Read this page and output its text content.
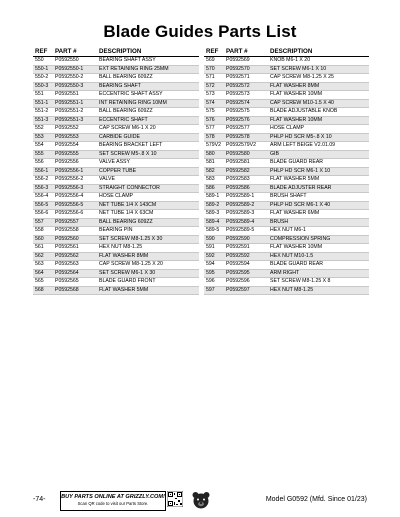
Blade Guides Parts List
REF	PART #	DESCRIPTION
550	P0592550	BEARING SHAFT ASSY
550-1	P0592550-1	EXT RETAINING RING 25MM
550-2	P0592550-2	BALL BEARING 609ZZ
550-3	P0592550-3	BEARING SHAFT
551	P0592551	ECCENTRIC SHAFT ASSY
551-1	P0592551-1	INT RETAINING RING 10MM
551-2	P0592551-2	BALL BEARING 609ZZ
551-3	P0592551-3	ECCENTRIC SHAFT
552	P0592552	CAP SCREW M6-1 X 20
553	P0592553	CARBIDE GUIDE
554	P0592554	BEARING BRACKET LEFT
555	P0592555	SET SCREW M5-.8 X 10
556	P0592556	VALVE ASSY
556-1	P0592556-1	COPPER TUBE
556-2	P0592556-2	VALVE
556-3	P0592556-3	STRAIGHT CONNECTOR
556-4	P0592556-4	HOSE CLAMP
556-5	P0592556-5	NET TUBE 1/4 X 143CM
556-6	P0592556-6	NET TUBE 1/4 X 63CM
557	P0592557	BALL BEARING 609ZZ
558	P0592558	BEARING PIN
560	P0592560	SET SCREW M8-1.25 X 30
561	P0592561	HEX NUT M8-1.25
562	P0592562	FLAT WASHER 8MM
563	P0592563	CAP SCREW M8-1.25 X 20
564	P0592564	SET SCREW M6-1 X 30
565	P0592565	BLADE GUARD FRONT
568	P0592568	FLAT WASHER 5MM
REF	PART #	DESCRIPTION
569	P0592569	KNOB M6-1 X 20
570	P0592570	SET SCREW M6-1 X 10
571	P0592571	CAP SCREW M8-1.25 X 25
572	P0592572	FLAT WASHER 8MM
573	P0592573	FLAT WASHER 10MM
574	P0592574	CAP SCREW M10-1.5 X 40
575	P0592575	BLADE ADJUSTABLE KNOB
576	P0592576	FLAT WASHER 10MM
577	P0592577	HOSE CLAMP
578	P0592578	PHLP HD SCR M5-.8 X 10
579V2	P0592579V2	ARM LEFT BEIGE V2.01.09
580	P0592580	GIB
581	P0592581	BLADE GUARD REAR
582	P0592582	PHLP HD SCR M6-1 X 10
583	P0592583	FLAT WASHER 5MM
586	P0592586	BLADE ADJUSTER REAR
589-1	P0592589-1	BRUSH SHAFT
589-2	P0592589-2	PHLP HD SCR M6-1 X 40
589-3	P0592589-3	FLAT WASHER 6MM
589-4	P0592589-4	BRUSH
589-5	P0592589-5	HEX NUT M6-1
590	P0592590	COMPRESSION SPRING
591	P0592591	FLAT WASHER 10MM
592	P0592592	HEX NUT M10-1.5
594	P0592594	BLADE GUARD REAR
595	P0592595	ARM RIGHT
596	P0592596	SET SCREW M8-1.25 X 8
597	P0592597	HEX NUT M8-1.25
-74-	BUY PARTS ONLINE AT GRIZZLY.COM!
Scan QR code to visit our Parts Store.
Model G0592 (Mfd. Since 01/23)
